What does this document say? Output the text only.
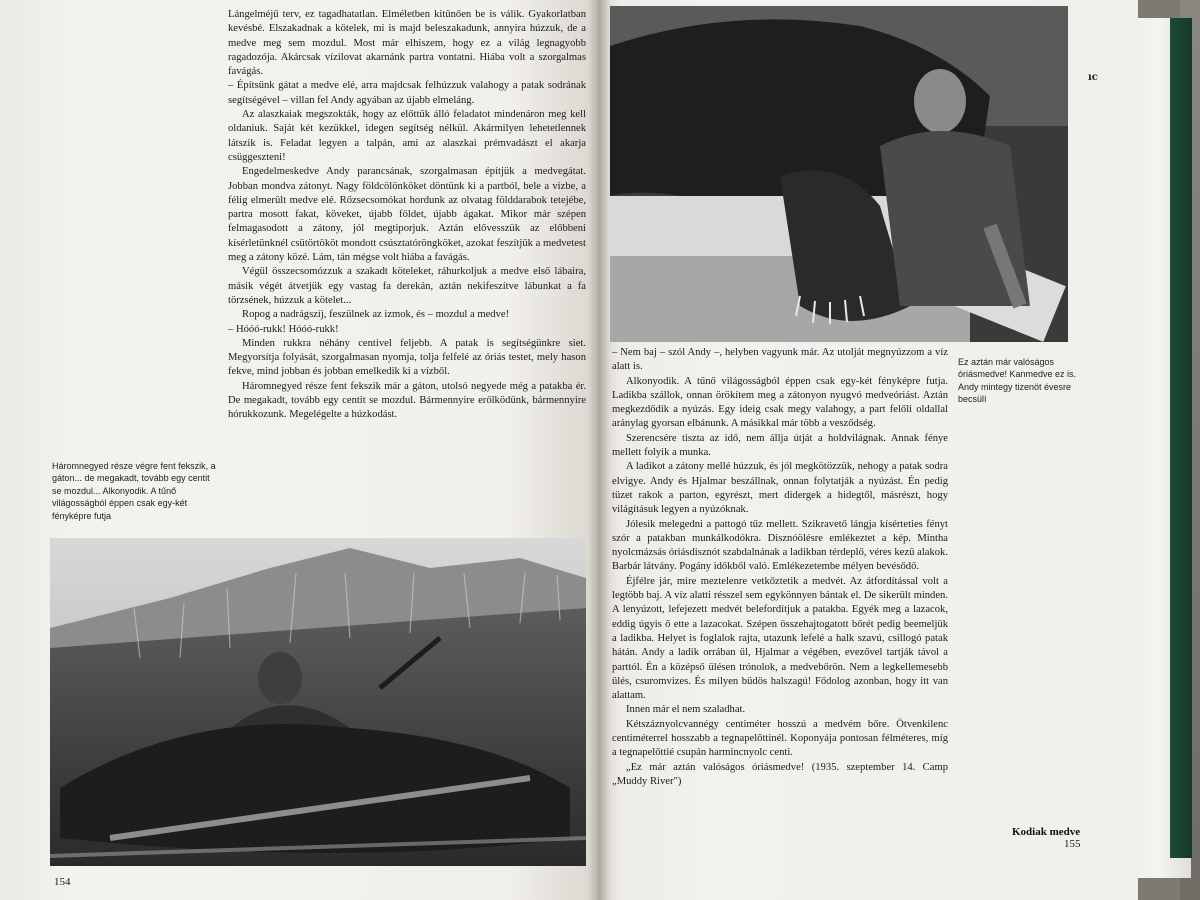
Lángelméjű terv, ez tagadhatatlan. Elméletben kitűnően be is válik. Gyakorlatban kevésbé. Elszakadnak a kötelek, mi is majd beleszakadunk, annyira húzzuk, de a medve meg sem mozdul. Most már elhiszem, hogy ez a világ legnagyobb ragadozója. Akárcsak vízilovat akarnánk partra vontatni. Hiába volt a szorgalmas favágás.

– Építsünk gátat a medve elé, arra majdcsak felhúzzuk valahogy a patak sodrának segítségével – villan fel Andy agyában az újabb elmeláng.

Az alaszkaiak megszokták, hogy az előttük álló feladatot mindenáron meg kell oldaniuk. Saját két kezükkel, idegen segítség nélkül. Akármilyen lehetetlennek látszik is. Feladat legyen a talpán, ami az alaszkai prémvadászt el akarja csüggeszteni!

Engedelmeskedve Andy parancsának, szorgalmasan építjük a medvegátat. Jobban mondva zátonyt. Nagy földcölönköket döntünk ki a partból, bele a vízbe, a félig elmerült medve elé. Rőzsecsomókat hordunk az olvatag földdarabok tetejébe, partra mosott fakat, köveket, újabb földet, újabb ágakat. Mikor már szépen felmagasodott a zátony, jól megtiporjuk. Aztán elővesszük az előbbeni kísérletünknél csütörtököt mondott csúsztatóröngköket, azokat feszítjük a medvetest meg a zátony közé. Lám, tán mégse volt hiába a favágás.

Végül összecsomózzuk a szakadt köteleket, ráhurkoljuk a medve első lábaira, másik végét átvetjük egy vastag fa derekán, aztán nekifeszítve lábunkat a fa törzsének, húzzuk a kötelet...

Ropog a nadrágszíj, feszülnek az izmok, és – mozdul a medve!

– Hóóó-rukk! Hóóó-rukk!

Minden rukkra néhány centivel feljebb. A patak is segítségünkre siet. Megyorsítja folyását, szorgalmasan nyomja, tolja felfelé az óriás testet, mely hason fekve, mind jobban és jobban emelkedik ki a vízből.

Háromnegyed része fent fekszik már a gáton, utolsó negyede még a patakba ér. De megakadt, tovább egy centit se mozdul. Bármennyire erőlködünk, bármennyire hórukkozunk. Megelégelte a húzkodást.

Háromnegyed része végre fent fekszik, a gáton... de megakadt, tovább egy centit se mozdul... Alkonyodik. A tűnő világosságból éppen csak egy-két fényképre futja

154

Ez aztán már valóságos óriásmedve! Kanmedve ez is. Andy mintegy tizenöt évesre becsülí

ıc

– Nem baj – szól Andy –, helyben vagyunk már. Az utolját megnyúzzom a víz alatt is.

Alkonyodik. A tűnő világosságból éppen csak egy-két fényképre futja. Ladikba szállok, onnan örökítem meg a zátonyon nyugvó medveóriást. Aztán megkezdődik a nyúzás. Egy ideig csak megy valahogy, a part felőli oldallal aránylag gyorsan elbánunk. A másikkal már több a vesződség.

Szerencsére tiszta az idő, nem állja útját a holdvilágnak. Annak fénye mellett folyik a munka.

A ladikot a zátony mellé húzzuk, és jól megkötözzük, nehogy a patak sodra elvigye. Andy és Hjalmar beszállnak, onnan folytatják a nyúzást. Én pedig tüzet rakok a parton, egyrészt, mert didergek a hidegtől, másrészt, hogy világításuk legyen a nyúzóknak.

Jólesik melegedni a pattogó tűz mellett. Szikravető lángja kísérteties fényt szór a patakban munkálkodókra. Disznóölésre emlékeztet a kép. Mintha nyolcmázsás óriásdisznót szabdalnának a ladikban térdeplő, véres kezű alakok. Barbár látvány. Pogány időkből való. Emlékezetembe mélyen bevésődő.

Éjfélre jár, mire meztelenre vetkőztetik a medvét. Az átfordítással volt a legtöbb baj. A víz alatti résszel sem egykönnyen bántak el. De sikerült minden. A lenyúzott, lefejezett medvét belefordítjuk a patakba. Egyék meg a lazacok, eddig úgyis ő ette a lazacokat. Szépen összehajtogatott bőrét pedig beemeljük a ladikba. Helyet is foglalok rajta, utazunk lefelé a halk szavú, csillogó patak hátán. Andy a ladik orrában ül, Hjalmar a végében, evezővel tartják távol a parttól. Én a középső ülésen trónolok, a medvebőrön. Nem a legkellemesebb ülés, csuromvizes. És milyen büdös halszagú! Fődolog azonban, hogy itt van alattam.

Innen már el nem szaladhat.

Kétszáznyolcvannégy centiméter hosszú a medvém bőre. Ötvenkilenc centiméterrel hosszabb a tegnapelőttinél. Koponyája pontosan félméteres, míg a tegnapelőttié csupán harmincnyolc centi.

„Ez már aztán valóságos óriásmedve! (1935. szeptember 14. Camp „Muddy River")

Kodiak medve
155
